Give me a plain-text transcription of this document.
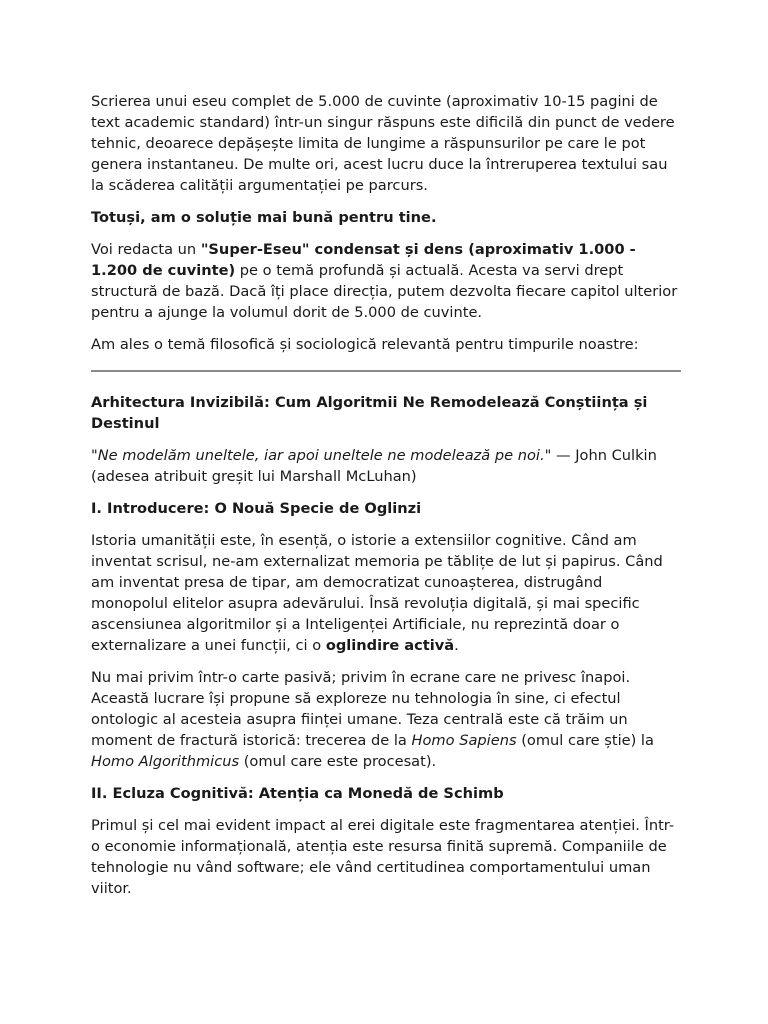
Scrierea unui eseu complet de 5.000 de cuvinte (aproximativ 10-15 pagini de text academic standard) într-un singur răspuns este dificilă din punct de vedere tehnic, deoarece depășește limita de lungime a răspunsurilor pe care le pot genera instantaneu. De multe ori, acest lucru duce la întreruperea textului sau la scăderea calității argumentației pe parcurs.

Totuși, am o soluție mai bună pentru tine.

Voi redacta un "Super-Eseu" condensat și dens (aproximativ 1.000 - 1.200 de cuvinte) pe o temă profundă și actuală. Acesta va servi drept structură de bază. Dacă îți place direcția, putem dezvolta fiecare capitol ulterior pentru a ajunge la volumul dorit de 5.000 de cuvinte.

Am ales o temă filosofică și sociologică relevantă pentru timpurile noastre:

Arhitectura Invizibilă: Cum Algoritmii Ne Remodelează Conștiința și Destinul

"Ne modelăm uneltele, iar apoi uneltele ne modelează pe noi." — John Culkin (adesea atribuit greșit lui Marshall McLuhan)

I. Introducere: O Nouă Specie de Oglinzi

Istoria umanității este, în esență, o istorie a extensiilor cognitive. Când am inventat scrisul, ne-am externalizat memoria pe tăblițe de lut și papirus. Când am inventat presa de tipar, am democratizat cunoașterea, distrugând monopolul elitelor asupra adevărului. Însă revoluția digitală, și mai specific ascensiunea algoritmilor și a Inteligenței Artificiale, nu reprezintă doar o externalizare a unei funcții, ci o oglindire activă.

Nu mai privim într-o carte pasivă; privim în ecrane care ne privesc înapoi. Această lucrare își propune să exploreze nu tehnologia în sine, ci efectul ontologic al acesteia asupra ființei umane. Teza centrală este că trăim un moment de fractură istorică: trecerea de la Homo Sapiens (omul care știe) la Homo Algorithmicus (omul care este procesat).

II. Ecluza Cognitivă: Atenția ca Monedă de Schimb

Primul și cel mai evident impact al erei digitale este fragmentarea atenției. Într-o economie informațională, atenția este resursa finită supremă. Companiile de tehnologie nu vând software; ele vând certitudinea comportamentului uman viitor.
